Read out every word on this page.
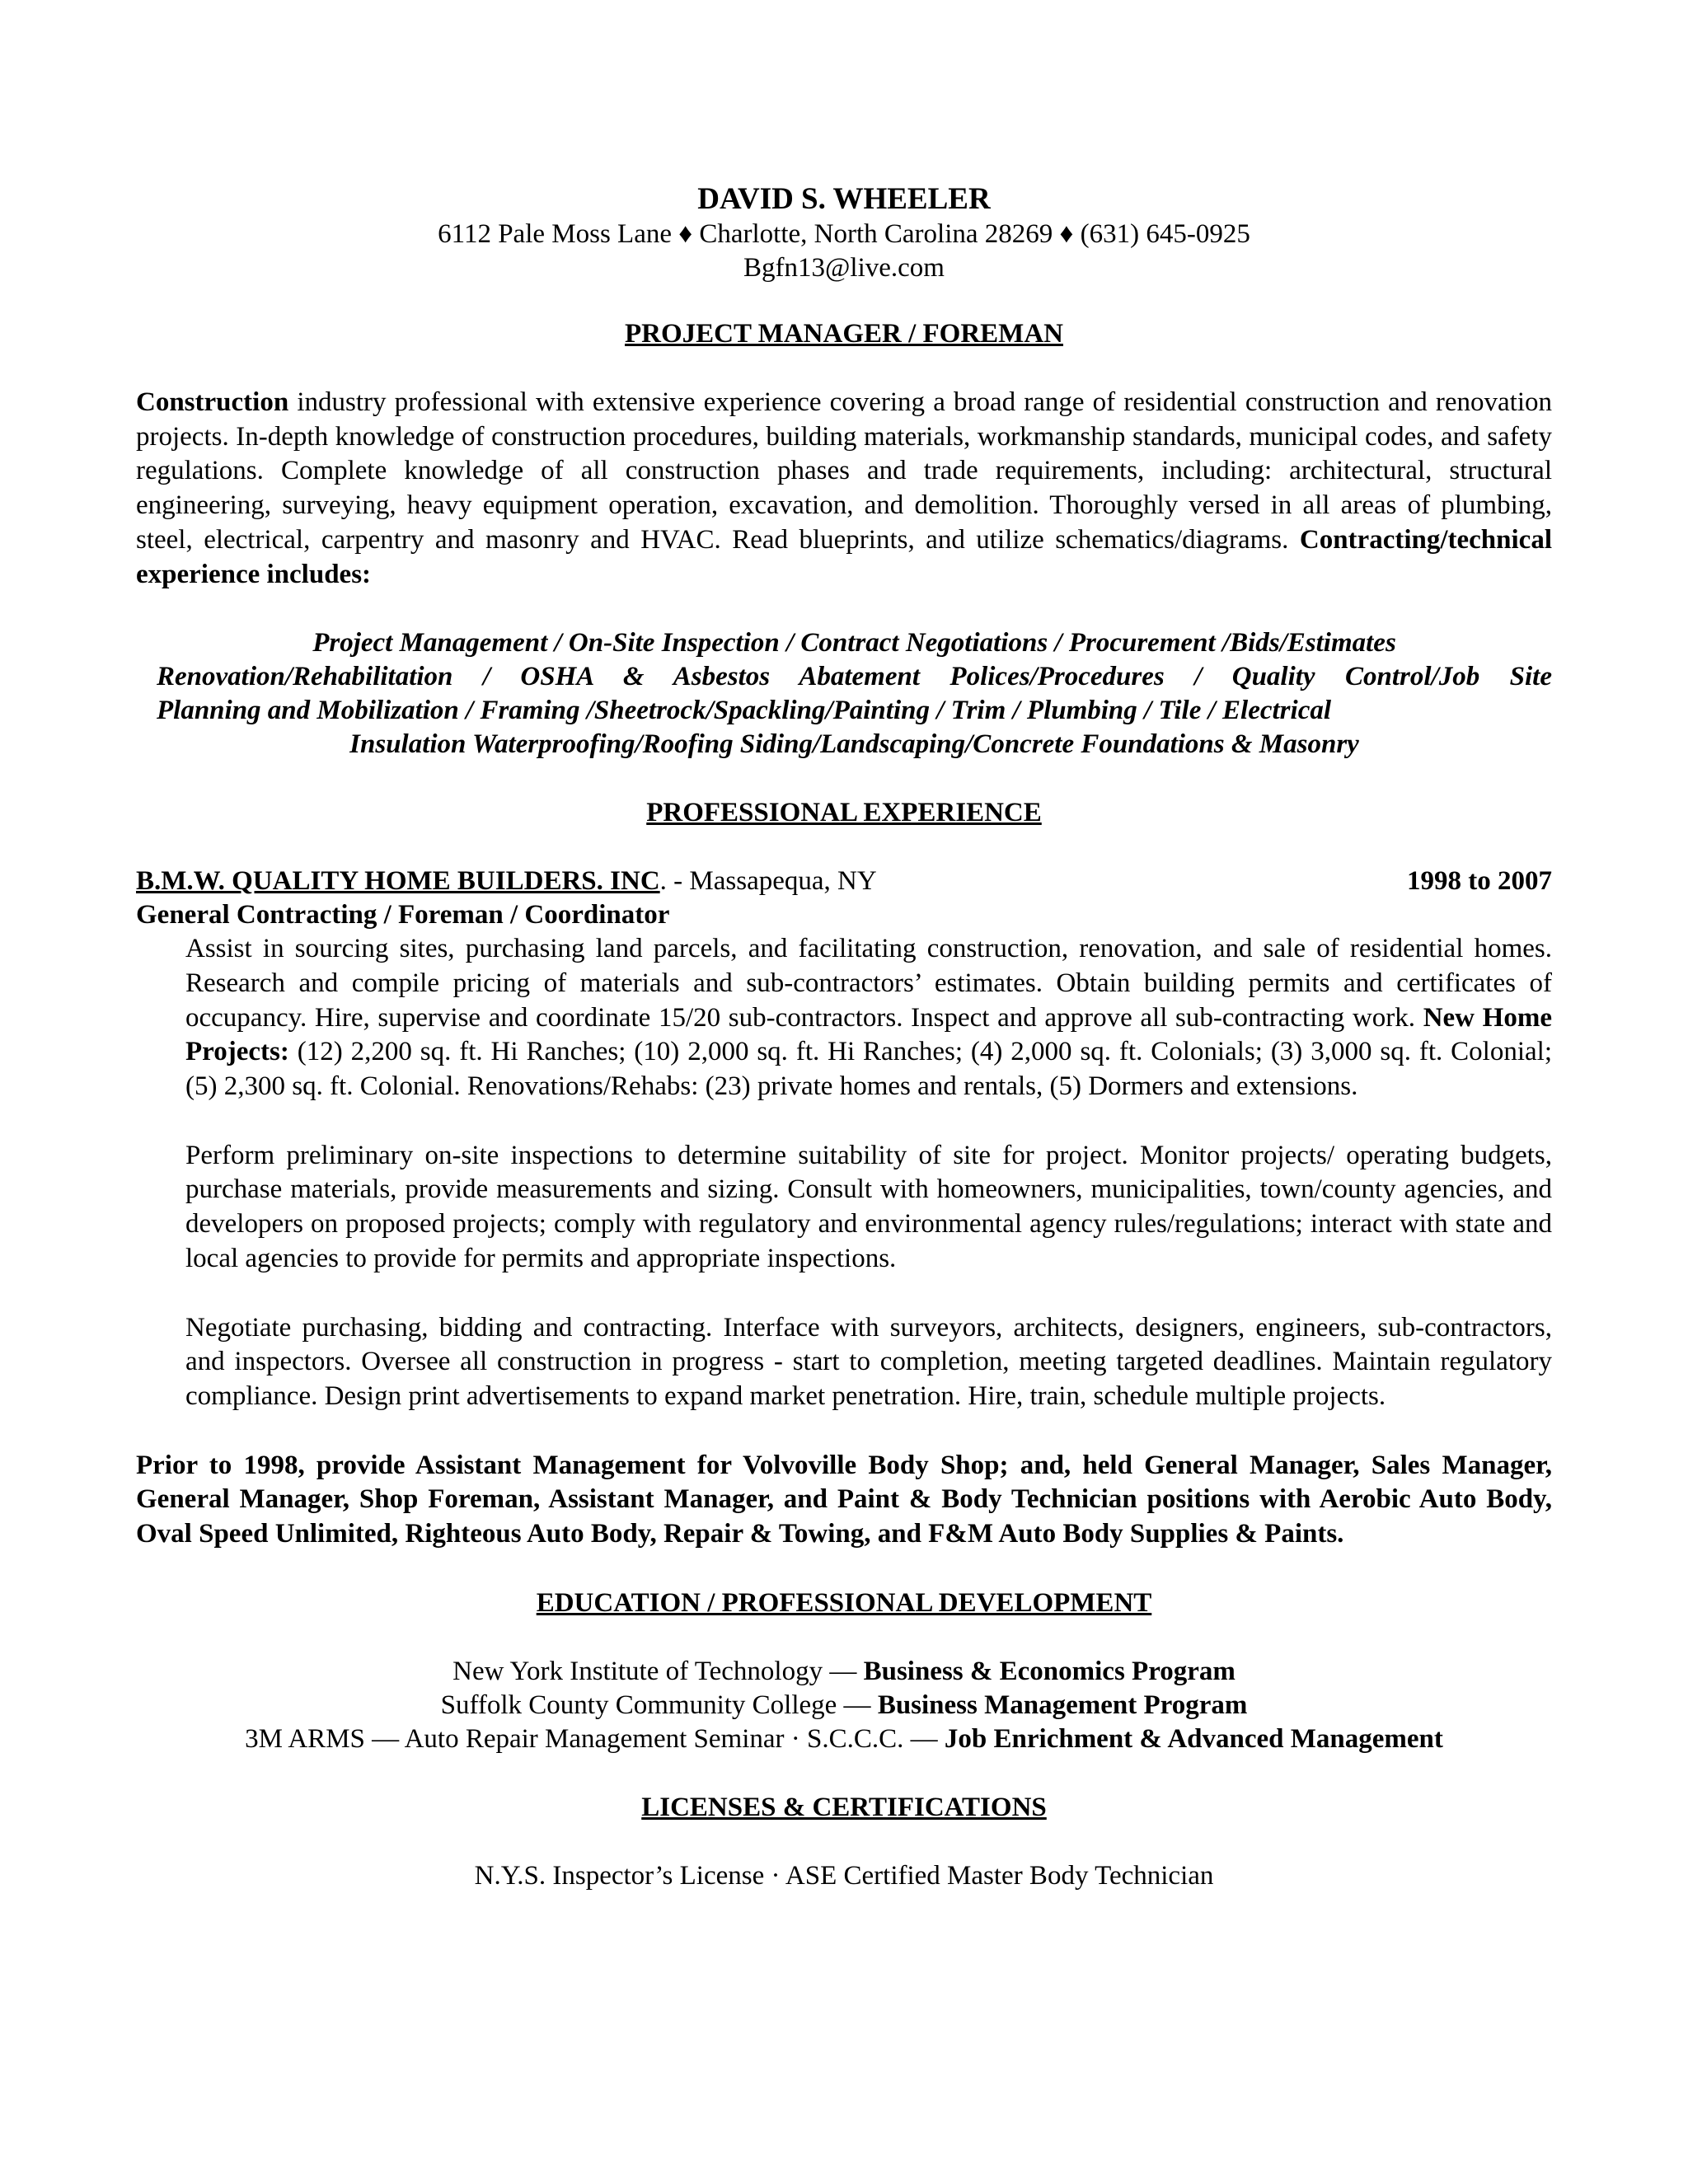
DAVID S. WHEELER

6112 Pale Moss Lane ♦ Charlotte, North Carolina 28269 ♦ (631) 645-0925

Bgfn13@live.com

PROJECT MANAGER / FOREMAN

Construction industry professional with extensive experience covering a broad range of residential construction and renovation projects. In-depth knowledge of construction procedures, building materials, workmanship standards, municipal codes, and safety regulations. Complete knowledge of all construction phases and trade requirements, including: architectural, structural engineering, surveying, heavy equipment operation, excavation, and demolition. Thoroughly versed in all areas of plumbing, steel, electrical, carpentry and masonry and HVAC. Read blueprints, and utilize schematics/diagrams. Contracting/technical experience includes:

Project Management / On-Site Inspection / Contract Negotiations / Procurement /Bids/Estimates
Renovation/Rehabilitation / OSHA & Asbestos Abatement Polices/Procedures / Quality Control/Job Site
Planning and Mobilization / Framing /Sheetrock/Spackling/Painting / Trim / Plumbing / Tile / Electrical
Insulation Waterproofing/Roofing Siding/Landscaping/Concrete Foundations & Masonry

PROFESSIONAL EXPERIENCE

B.M.W. QUALITY HOME BUILDERS. INC. - Massapequa, NY	1998 to 2007

General Contracting / Foreman / Coordinator

Assist in sourcing sites, purchasing land parcels, and facilitating construction, renovation, and sale of residential homes. Research and compile pricing of materials and sub-contractors’ estimates. Obtain building permits and certificates of occupancy. Hire, supervise and coordinate 15/20 sub-contractors. Inspect and approve all sub-contracting work. New Home Projects: (12) 2,200 sq. ft. Hi Ranches; (10) 2,000 sq. ft. Hi Ranches; (4) 2,000 sq. ft. Colonials; (3) 3,000 sq. ft. Colonial; (5) 2,300 sq. ft. Colonial. Renovations/Rehabs: (23) private homes and rentals, (5) Dormers and extensions.

Perform preliminary on-site inspections to determine suitability of site for project. Monitor projects/ operating budgets, purchase materials, provide measurements and sizing. Consult with homeowners, municipalities, town/county agencies, and developers on proposed projects; comply with regulatory and environmental agency rules/regulations; interact with state and local agencies to provide for permits and appropriate inspections.

Negotiate purchasing, bidding and contracting. Interface with surveyors, architects, designers, engineers, sub-contractors, and inspectors. Oversee all construction in progress - start to completion, meeting targeted deadlines. Maintain regulatory compliance. Design print advertisements to expand market penetration. Hire, train, schedule multiple projects.

Prior to 1998, provide Assistant Management for Volvoville Body Shop; and, held General Manager, Sales Manager, General Manager, Shop Foreman, Assistant Manager, and Paint & Body Technician positions with Aerobic Auto Body, Oval Speed Unlimited, Righteous Auto Body, Repair & Towing, and F&M Auto Body Supplies & Paints.

EDUCATION / PROFESSIONAL DEVELOPMENT

New York Institute of Technology — Business & Economics Program

Suffolk County Community College — Business Management Program

3M ARMS — Auto Repair Management Seminar · S.C.C.C. — Job Enrichment & Advanced Management

LICENSES & CERTIFICATIONS

N.Y.S. Inspector’s License · ASE Certified Master Body Technician
